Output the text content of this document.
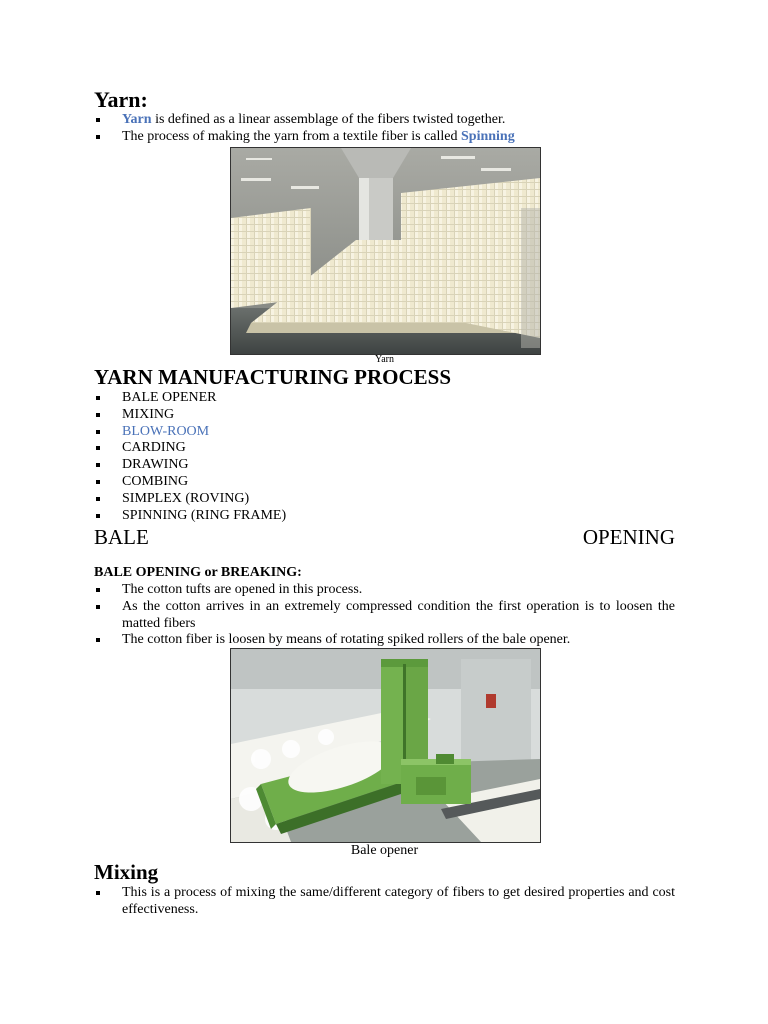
Yarn:
Yarn is defined as a linear assemblage of the fibers twisted together.
The process of making the yarn from a textile fiber is called Spinning
Yarn
YARN MANUFACTURING PROCESS
BALE OPENER
MIXING
BLOW-ROOM
CARDING
DRAWING
COMBING
SIMPLEX (ROVING)
SPINNING (RING FRAME)
BALE	OPENING

BALE OPENING or BREAKING:

The cotton tufts are opened in this process.
As the cotton arrives in an extremely compressed condition the first operation is to loosen the matted fibers
The cotton fiber is loosen by means of rotating spiked rollers of the bale opener.
Bale opener
Mixing
This is a process of mixing the same/different category of fibers to get desired properties and cost effectiveness.
